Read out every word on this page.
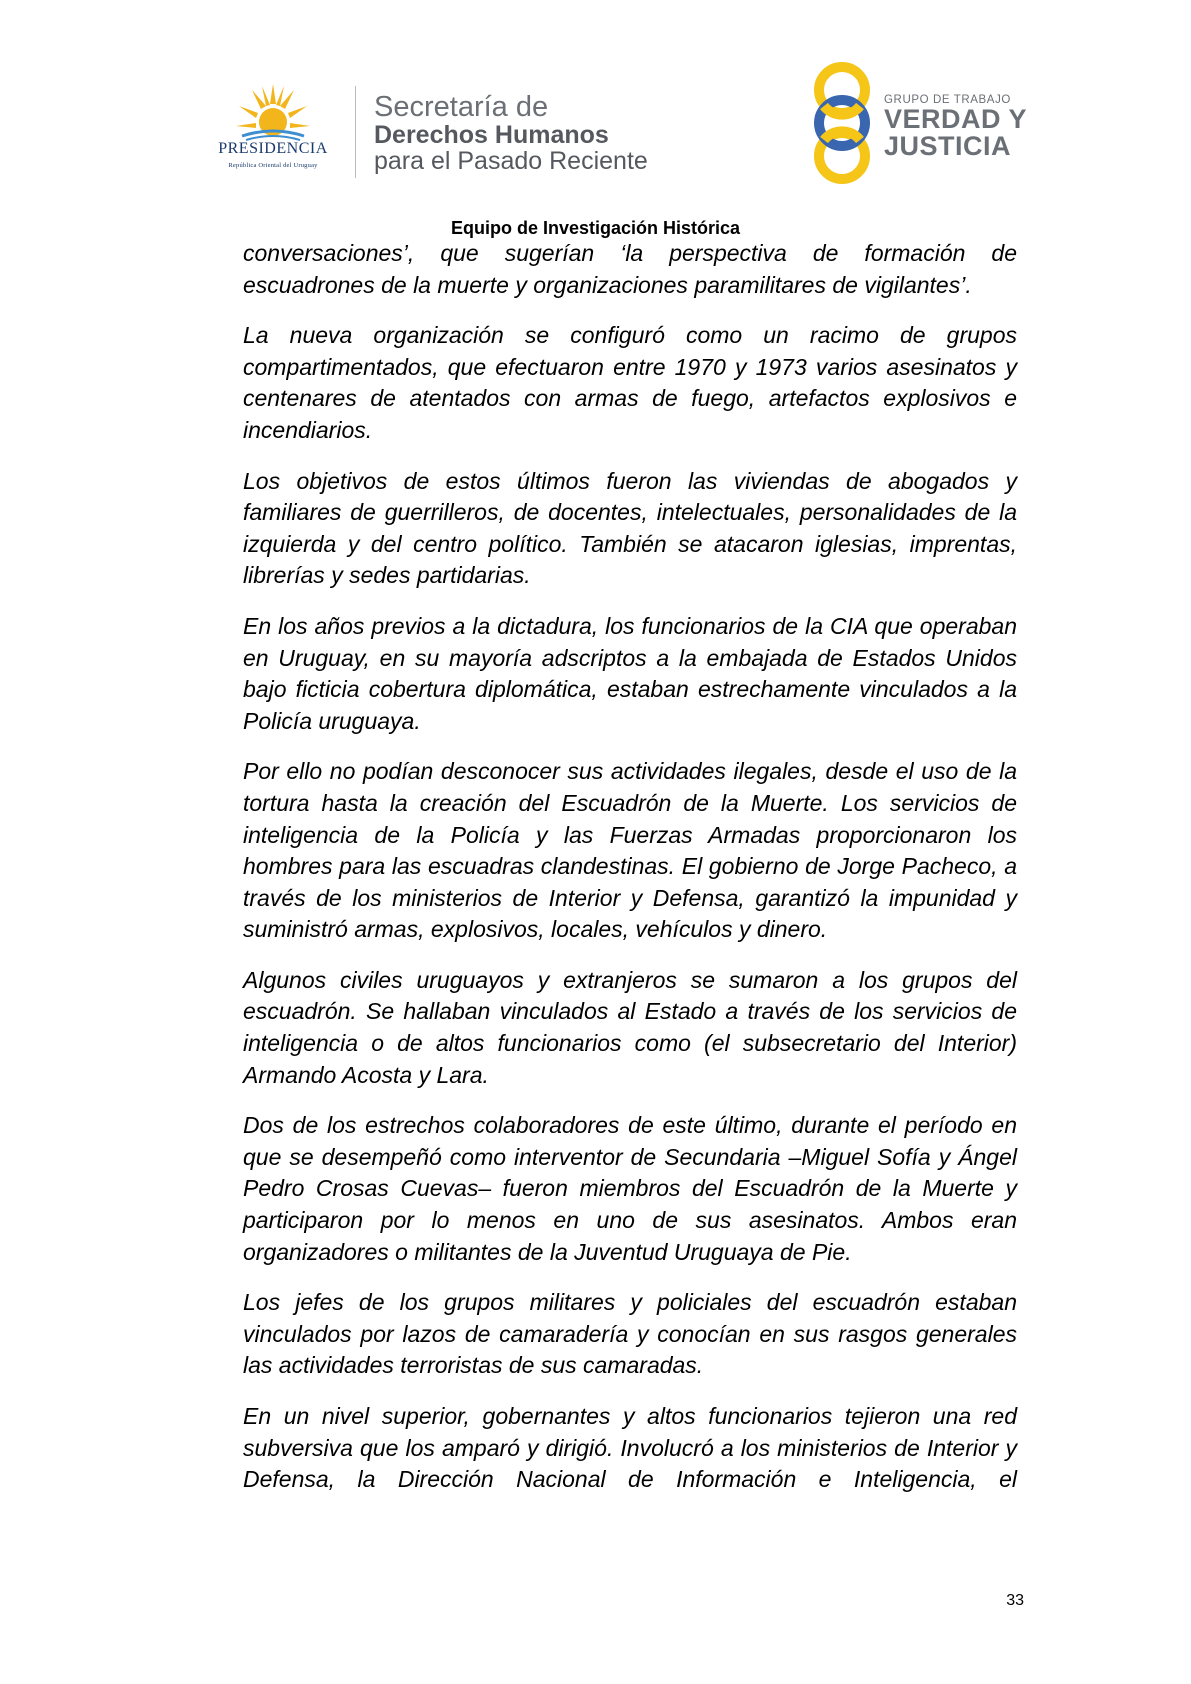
PRESIDENCIA
República Oriental del Uruguay
Secretaría de
Derechos Humanos
para el Pasado Reciente
GRUPO DE TRABAJO
VERDAD Y
JUSTICIA
Equipo de Investigación Histórica

conversaciones’, que sugerían ‘la perspectiva de formación de escuadrones de la muerte y organizaciones paramilitares de vigilantes’.

La nueva organización se configuró como un racimo de grupos compartimentados, que efectuaron entre 1970 y 1973 varios asesinatos y centenares de atentados con armas de fuego, artefactos explosivos e incendiarios.

Los objetivos de estos últimos fueron las viviendas de abogados y familiares de guerrilleros, de docentes, intelectuales, personalidades de la izquierda y del centro político. También se atacaron iglesias, imprentas, librerías y sedes partidarias.

En los años previos a la dictadura, los funcionarios de la CIA que operaban en Uruguay, en su mayoría adscriptos a la embajada de Estados Unidos bajo ficticia cobertura diplomática, estaban estrechamente vinculados a la Policía uruguaya.

Por ello no podían desconocer sus actividades ilegales, desde el uso de la tortura hasta la creación del Escuadrón de la Muerte. Los servicios de inteligencia de la Policía y las Fuerzas Armadas proporcionaron los hombres para las escuadras clandestinas. El gobierno de Jorge Pacheco, a través de los ministerios de Interior y Defensa, garantizó la impunidad y suministró armas, explosivos, locales, vehículos y dinero.

Algunos civiles uruguayos y extranjeros se sumaron a los grupos del escuadrón. Se hallaban vinculados al Estado a través de los servicios de inteligencia o de altos funcionarios como (el subsecretario del Interior) Armando Acosta y Lara.

Dos de los estrechos colaboradores de este último, durante el período en que se desempeñó como interventor de Secundaria –Miguel Sofía y Ángel Pedro Crosas Cuevas– fueron miembros del Escuadrón de la Muerte y participaron por lo menos en uno de sus asesinatos. Ambos eran organizadores o militantes de la Juventud Uruguaya de Pie.

Los jefes de los grupos militares y policiales del escuadrón estaban vinculados por lazos de camaradería y conocían en sus rasgos generales las actividades terroristas de sus camaradas.

En un nivel superior, gobernantes y altos funcionarios tejieron una red subversiva que los amparó y dirigió. Involucró a los ministerios de Interior y Defensa, la Dirección Nacional de Información e Inteligencia, el

33
